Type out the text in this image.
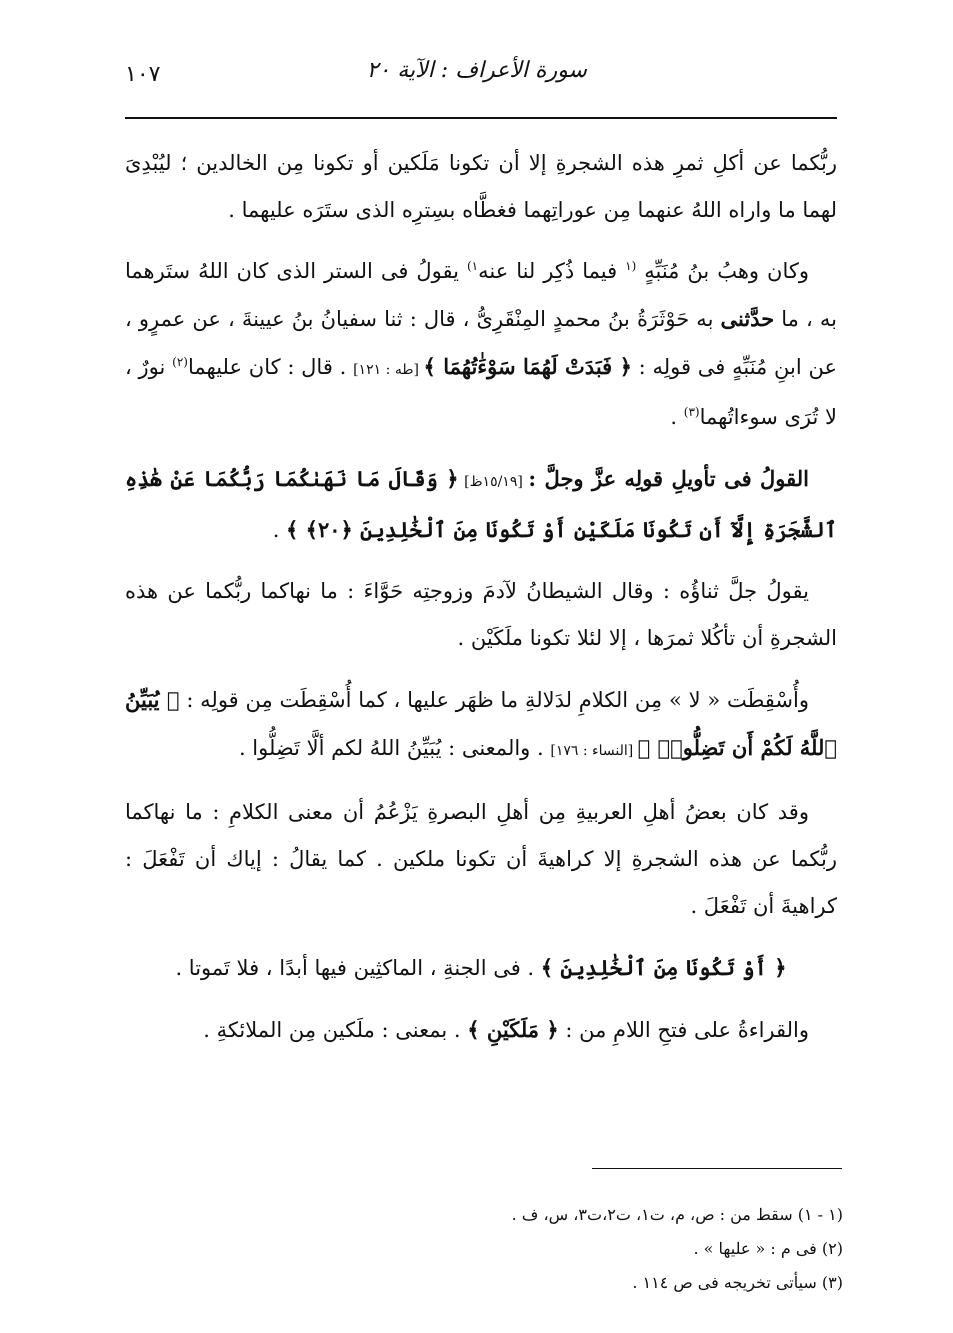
١٠٧	سورة الأعراف : الآية ٢٠

ربُّكما عن أكلِ ثمرِ هذه الشجرةِ إلا أن تكونا مَلَكين أو تكونا مِن الخالدين ؛ ليُبْدِىَ لهما ما واراه اللهُ عنهما مِن عوراتِهما فغطَّاه بسِترِه الذى ستَرَه عليهما .

وكان وهبُ بنُ مُنَبِّهٍ $^{(١}$ فيما ذُكِر لنا عنه$^{١)}$ يقولُ فى الستر الذى كان اللهُ ستَرهما به ، ما حدَّثنى به حَوْثَرَةُ بنُ محمدٍ المِنْقَرِىُّ ، قال : ثنا سفيانُ بنُ عيينةَ ، عن عمرٍو ، عن ابنِ مُنَبِّهٍ فى قولِه : ﴿ فَبَدَتْ لَهُمَا سَوْءَٰتُهُمَا ﴾ [طه : ١٢١] . قال : كان عليهما$^{(٢)}$ نورٌ ، لا تُرَى سوءاتُهما$^{(٣)}$ .

القولُ فى تأويلِ قولِه عزَّ وجلَّ : [١٥/١٩ظ] ﴿ وَقَالَ مَا نَهَىٰكُمَا رَبُّكُمَا عَنْ هَٰذِهِ ٱلشَّجَرَةِ إِلَّآ أَن تَكُونَا مَلَكَيْنِ أَوْ تَكُونَا مِنَ ٱلْخَٰلِدِينَ ﴿٢٠﴾ ﴾ .

يقولُ جلَّ ثناؤُه : وقال الشيطانُ لآدمَ وزوجتِه حَوَّاءَ : ما نهاكما ربُّكما عن هذه الشجرةِ أن تأكُلا ثمرَها ، إلا لئلا تكونا ملَكَيْن .

وأُسْقِطَت « لا » مِن الكلامِ لدَلالةِ ما ظهَر عليها ، كما أُسْقِطَت مِن قولِه : ﴿ يُبَيِّنُ ٱللَّهُ لَكُمْ أَن تَضِلُّوا۟ ﴾ [النساء : ١٧٦] . والمعنى : يُبَيِّنُ اللهُ لكم ألَّا تَضِلُّوا .

وقد كان بعضُ أهلِ العربيةِ مِن أهلِ البصرةِ يَزْعُمُ أن معنى الكلامِ : ما نهاكما ربُّكما عن هذه الشجرةِ إلا كراهيةَ أن تكونا ملكين . كما يقالُ : إياك أن تَفْعَلَ : كراهيةَ أن تَفْعَلَ .

﴿ أَوْ تَكُونَا مِنَ ٱلْخَٰلِدِينَ ﴾ . فى الجنةِ ، الماكثِين فيها أبدًا ، فلا تَموتا .

والقراءةُ على فتحِ اللامِ من : ﴿ مَلَكَيْنِ ﴾ . بمعنى : ملَكين مِن الملائكةِ .

(١ - ١) سقط من : ص، م، ت١، ت٢،ت٣، س، ف .
(٢) فى م : « عليها » .
(٣) سيأتى تخريجه فى ص ١١٤ .
